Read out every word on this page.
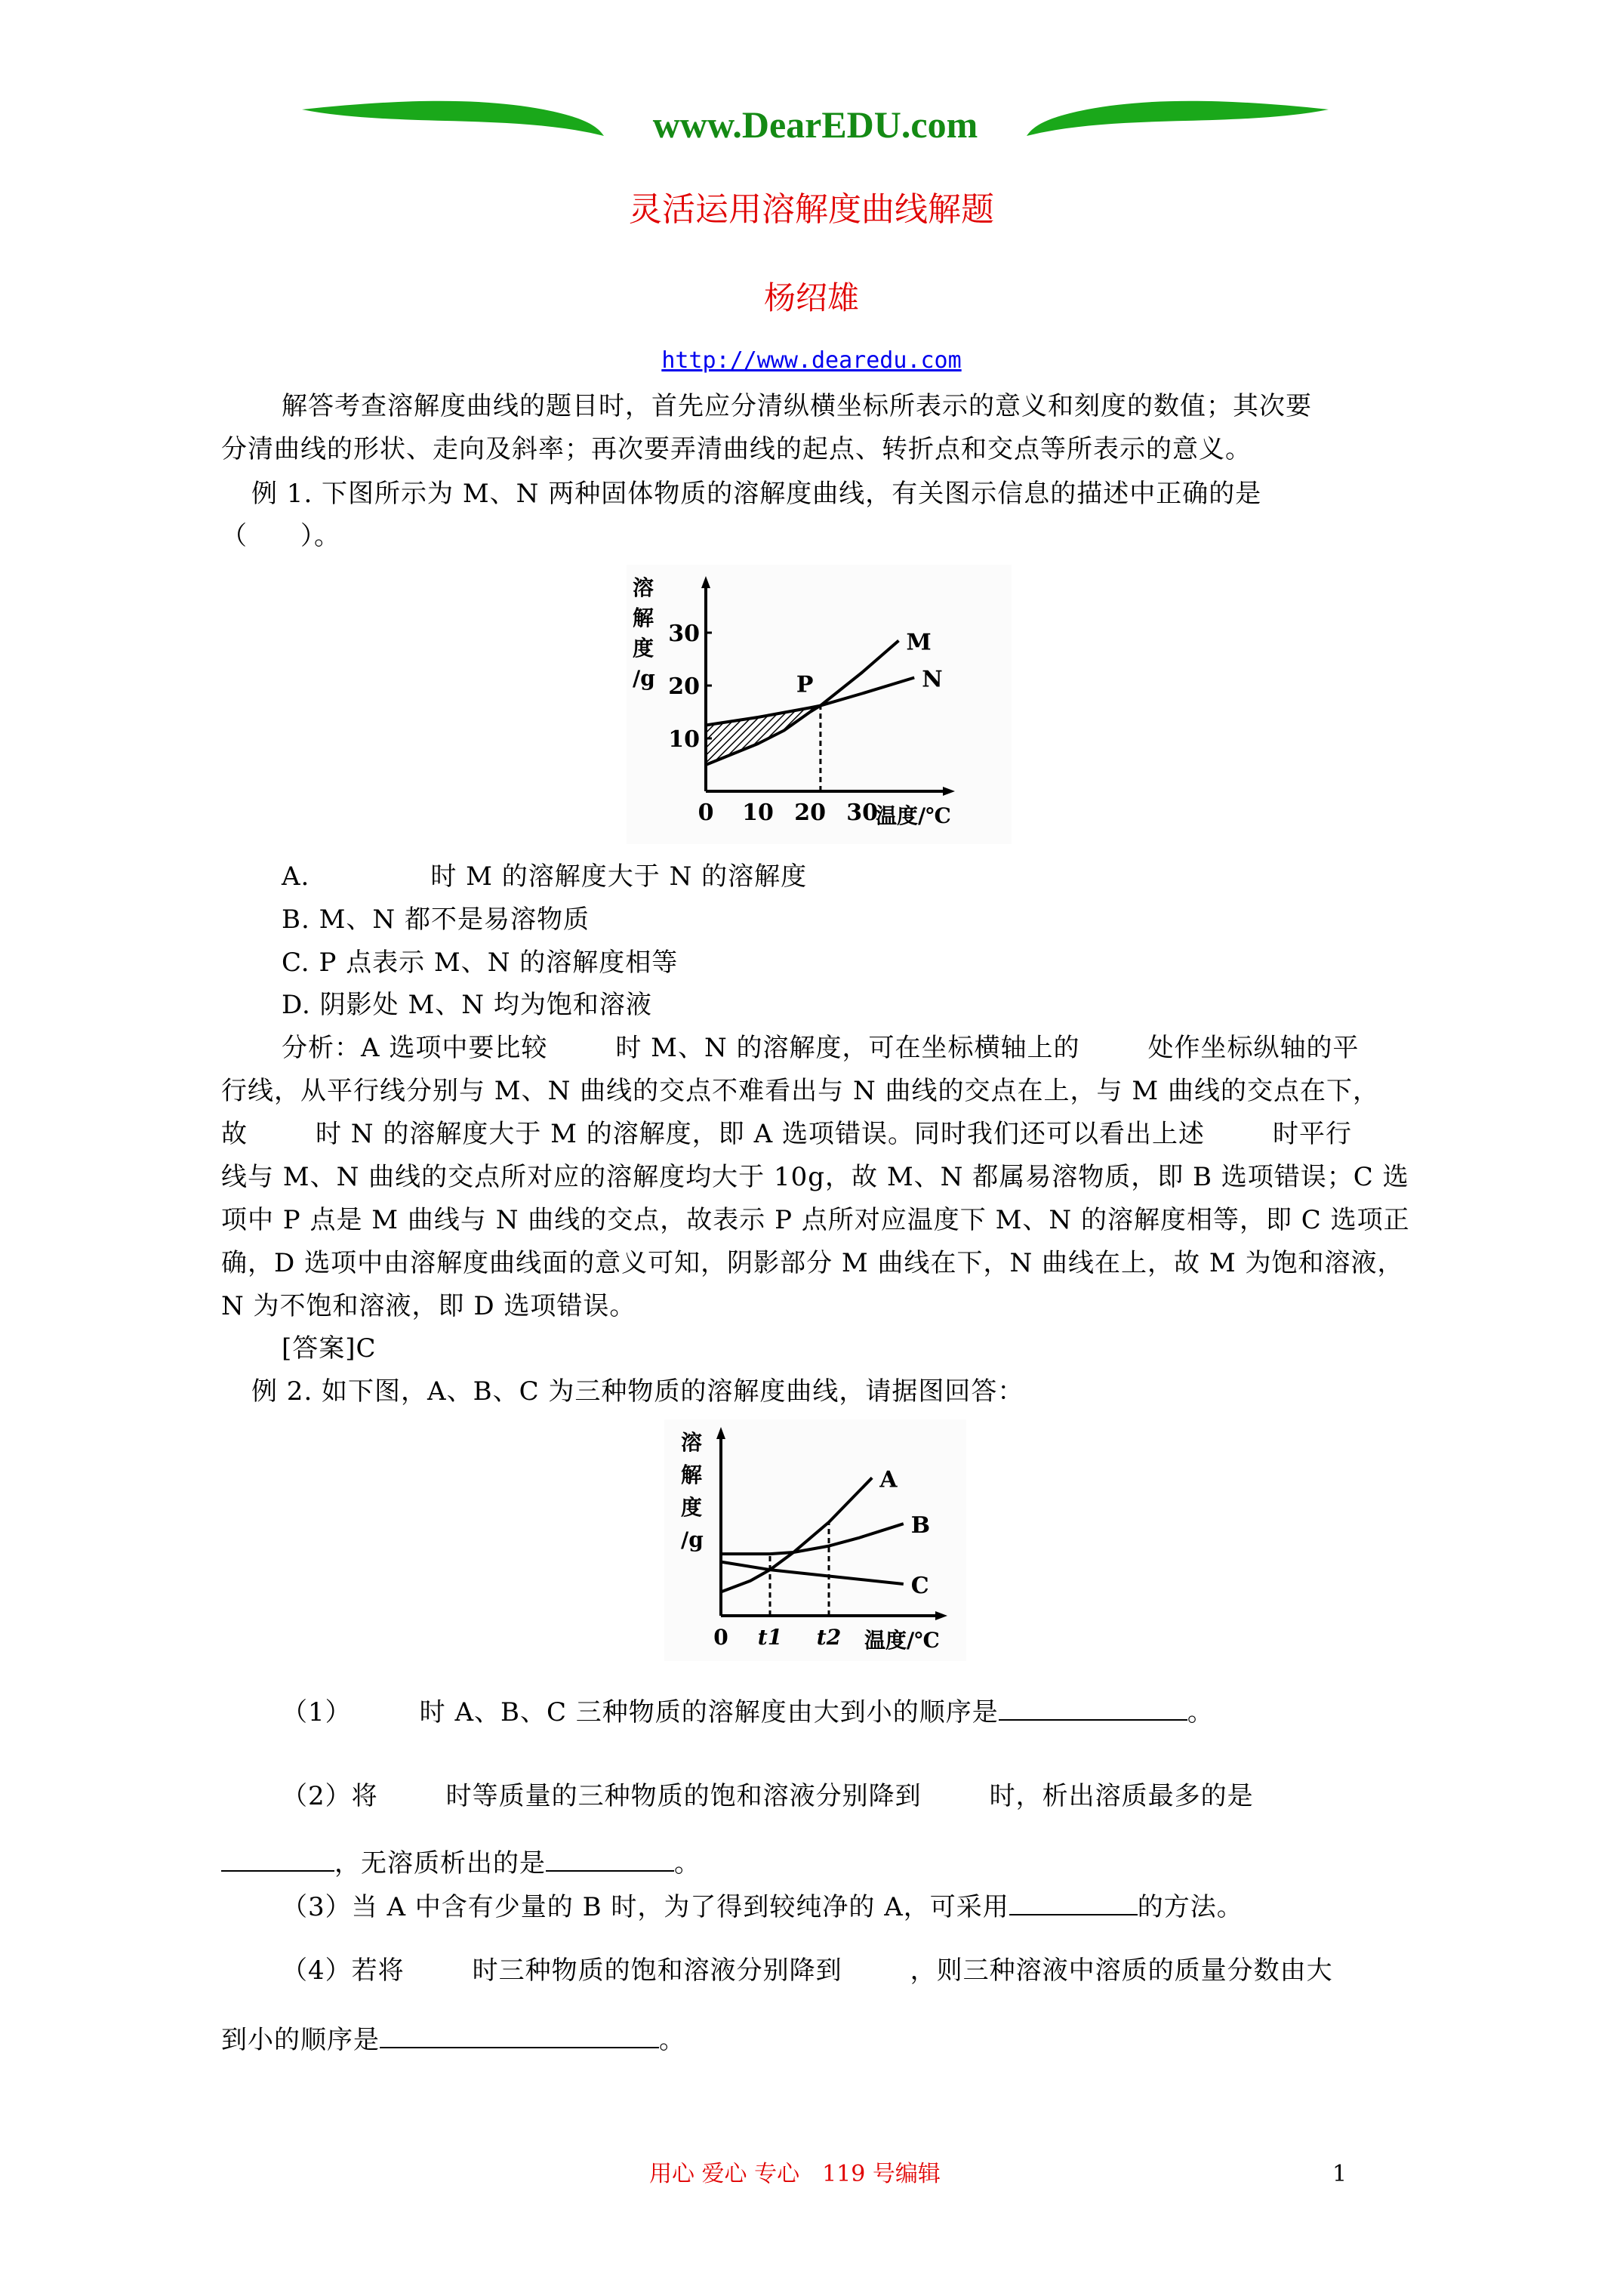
www.DearEDU.com
灵活运用溶解度曲线解题
杨绍雄
http://www.dearedu.com
解答考查溶解度曲线的题目时，首先应分清纵横坐标所表示的意义和刻度的数值；其次要
分清曲线的形状、走向及斜率；再次要弄清曲线的起点、转折点和交点等所表示的意义。
例 1. 下图所示为 M、N 两种固体物质的溶解度曲线，有关图示信息的描述中正确的是
（　　）。
M
N
0 10 20 30
10
20
30
溶
解
度
/g
温度/℃
P
A.	时 M 的溶解度大于 N 的溶解度
B. M、N 都不是易溶物质
C. P 点表示 M、N 的溶解度相等
D. 阴影处 M、N 均为饱和溶液
分析：A 选项中要比较	时 M、N 的溶解度，可在坐标横轴上的	处作坐标纵轴的平
行线，从平行线分别与 M、N 曲线的交点不难看出与 N 曲线的交点在上，与 M 曲线的交点在下，
故	时 N 的溶解度大于 M 的溶解度，即 A 选项错误。同时我们还可以看出上述	时平行
线与 M、N 曲线的交点所对应的溶解度均大于 10g，故 M、N 都属易溶物质，即 B 选项错误；C 选
项中 P 点是 M 曲线与 N 曲线的交点，故表示 P 点所对应温度下 M、N 的溶解度相等，即 C 选项正
确，D 选项中由溶解度曲线面的意义可知，阴影部分 M 曲线在下，N 曲线在上，故 M 为饱和溶液，
N 为不饱和溶液，即 D 选项错误。
[答案]C
例 2. 如下图，A、B、C 为三种物质的溶解度曲线，请据图回答：
A
B
C
0 t1 t2
溶
解
度
/g
温度/℃
（1）	时 A、B、C 三种物质的溶解度由大到小的顺序是	。
（2）将	时等质量的三种物质的饱和溶液分别降到	时，析出溶质最多的是
，无溶质析出的是	。
（3）当 A 中含有少量的 B 时，为了得到较纯净的 A，可采用	的方法。
（4）若将	时三种物质的饱和溶液分别降到	，则三种溶液中溶质的质量分数由大
到小的顺序是	。
用心 爱心 专心　119 号编辑	1
